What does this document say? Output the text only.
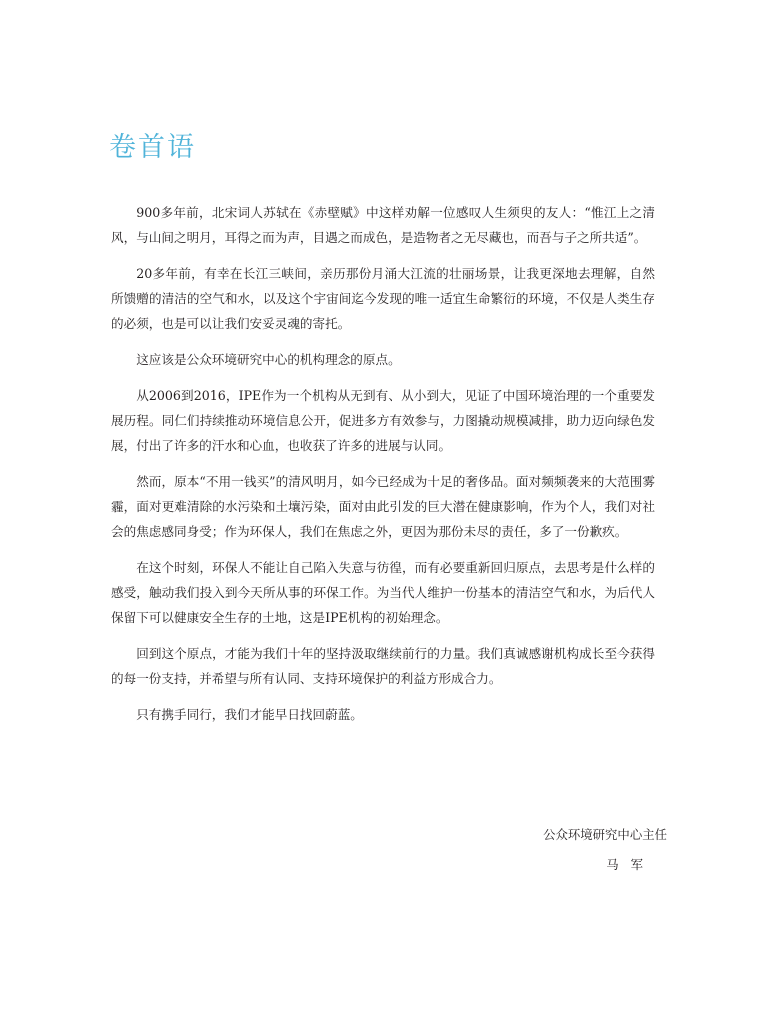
卷首语

900多年前，北宋词人苏轼在《赤壁赋》中这样劝解一位感叹人生须臾的友人：“惟江上之清风，与山间之明月，耳得之而为声，目遇之而成色，是造物者之无尽藏也，而吾与子之所共适”。

20多年前，有幸在长江三峡间，亲历那份月涌大江流的壮丽场景，让我更深地去理解，自然所馈赠的清洁的空气和水，以及这个宇宙间迄今发现的唯一适宜生命繁衍的环境，不仅是人类生存的必须，也是可以让我们安妥灵魂的寄托。

这应该是公众环境研究中心的机构理念的原点。

从2006到2016，IPE作为一个机构从无到有、从小到大，见证了中国环境治理的一个重要发展历程。同仁们持续推动环境信息公开，促进多方有效参与，力图撬动规模减排，助力迈向绿色发展，付出了许多的汗水和心血，也收获了许多的进展与认同。

然而，原本“不用一钱买”的清风明月，如今已经成为十足的奢侈品。面对频频袭来的大范围雾霾，面对更难清除的水污染和土壤污染，面对由此引发的巨大潜在健康影响，作为个人，我们对社会的焦虑感同身受；作为环保人，我们在焦虑之外，更因为那份未尽的责任，多了一份歉疚。

在这个时刻，环保人不能让自己陷入失意与彷徨，而有必要重新回归原点，去思考是什么样的感受，触动我们投入到今天所从事的环保工作。为当代人维护一份基本的清洁空气和水，为后代人保留下可以健康安全生存的土地，这是IPE机构的初始理念。

回到这个原点，才能为我们十年的坚持汲取继续前行的力量。我们真诚感谢机构成长至今获得的每一份支持，并希望与所有认同、支持环境保护的利益方形成合力。

只有携手同行，我们才能早日找回蔚蓝。

公众环境研究中心主任
马军
